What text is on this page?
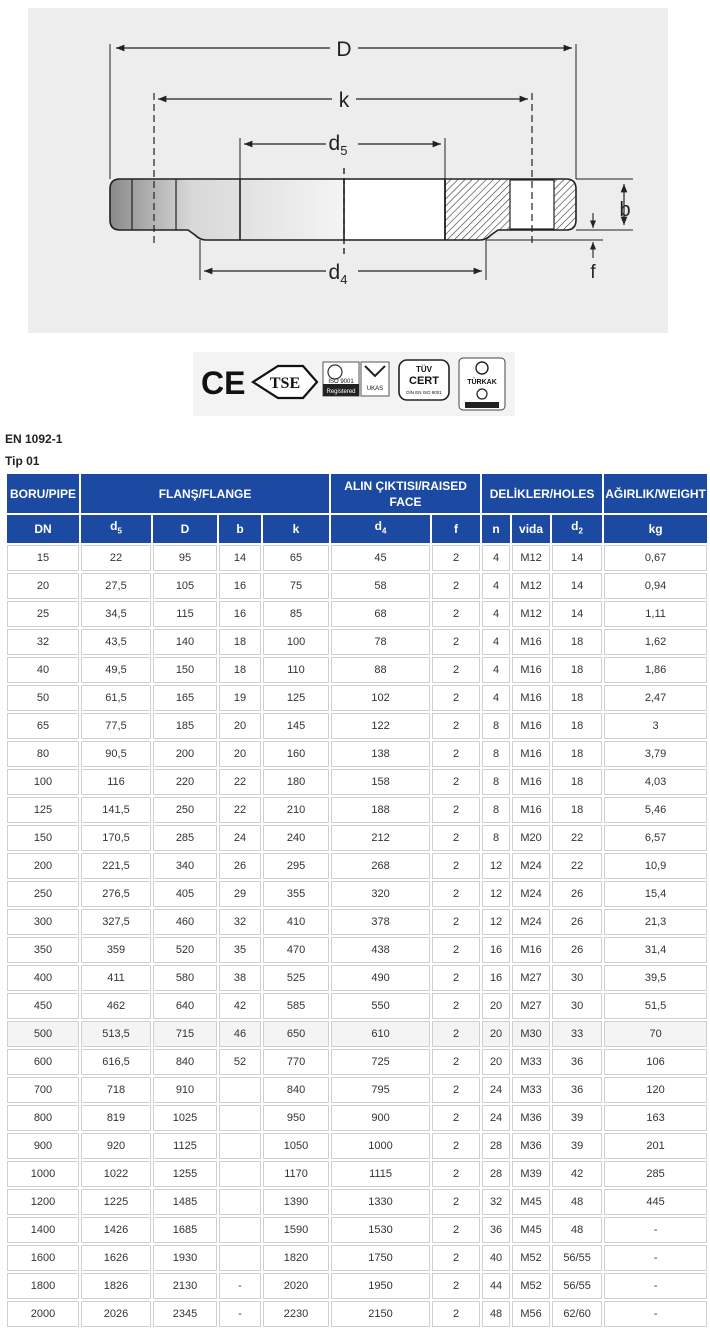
D
k
$d_5$
$d_4$
b
f
CE TSE	ISO 9001
Registered UKAS
TÜV
CERT
DIN EN ISO 9001
TÜRKAK
EN 1092-1
Tip 01
BORU/PIPE	FLANŞ/FLANGE				ALIN ÇIKTISI/RAISED FACE		DELİKLER/HOLES			AĞIRLIK/WEIGHT
DN	$d_5$	D	b	k	$d_4$	f	n	vida	$d_2$	kg
15	22	95	14	65	45	2	4	M12	14	0,67
20	27,5	105	16	75	58	2	4	M12	14	0,94
25	34,5	115	16	85	68	2	4	M12	14	1,11
32	43,5	140	18	100	78	2	4	M16	18	1,62
40	49,5	150	18	110	88	2	4	M16	18	1,86
50	61,5	165	19	125	102	2	4	M16	18	2,47
65	77,5	185	20	145	122	2	8	M16	18	3
80	90,5	200	20	160	138	2	8	M16	18	3,79
100	116	220	22	180	158	2	8	M16	18	4,03
125	141,5	250	22	210	188	2	8	M16	18	5,46
150	170,5	285	24	240	212	2	8	M20	22	6,57
200	221,5	340	26	295	268	2	12	M24	22	10,9
250	276,5	405	29	355	320	2	12	M24	26	15,4
300	327,5	460	32	410	378	2	12	M24	26	21,3
350	359	520	35	470	438	2	16	M16	26	31,4
400	411	580	38	525	490	2	16	M27	30	39,5
450	462	640	42	585	550	2	20	M27	30	51,5
500	513,5	715	46	650	610	2	20	M30	33	70
600	616,5	840	52	770	725	2	20	M33	36	106
700	718	910		840	795	2	24	M33	36	120
800	819	1025		950	900	2	24	M36	39	163
900	920	1125		1050	1000	2	28	M36	39	201
1000	1022	1255		1170	1115	2	28	M39	42	285
1200	1225	1485		1390	1330	2	32	M45	48	445
1400	1426	1685		1590	1530	2	36	M45	48	-
1600	1626	1930		1820	1750	2	40	M52	56/55	-
1800	1826	2130	-	2020	1950	2	44	M52	56/55	-
2000	2026	2345	-	2230	2150	2	48	M56	62/60	-
